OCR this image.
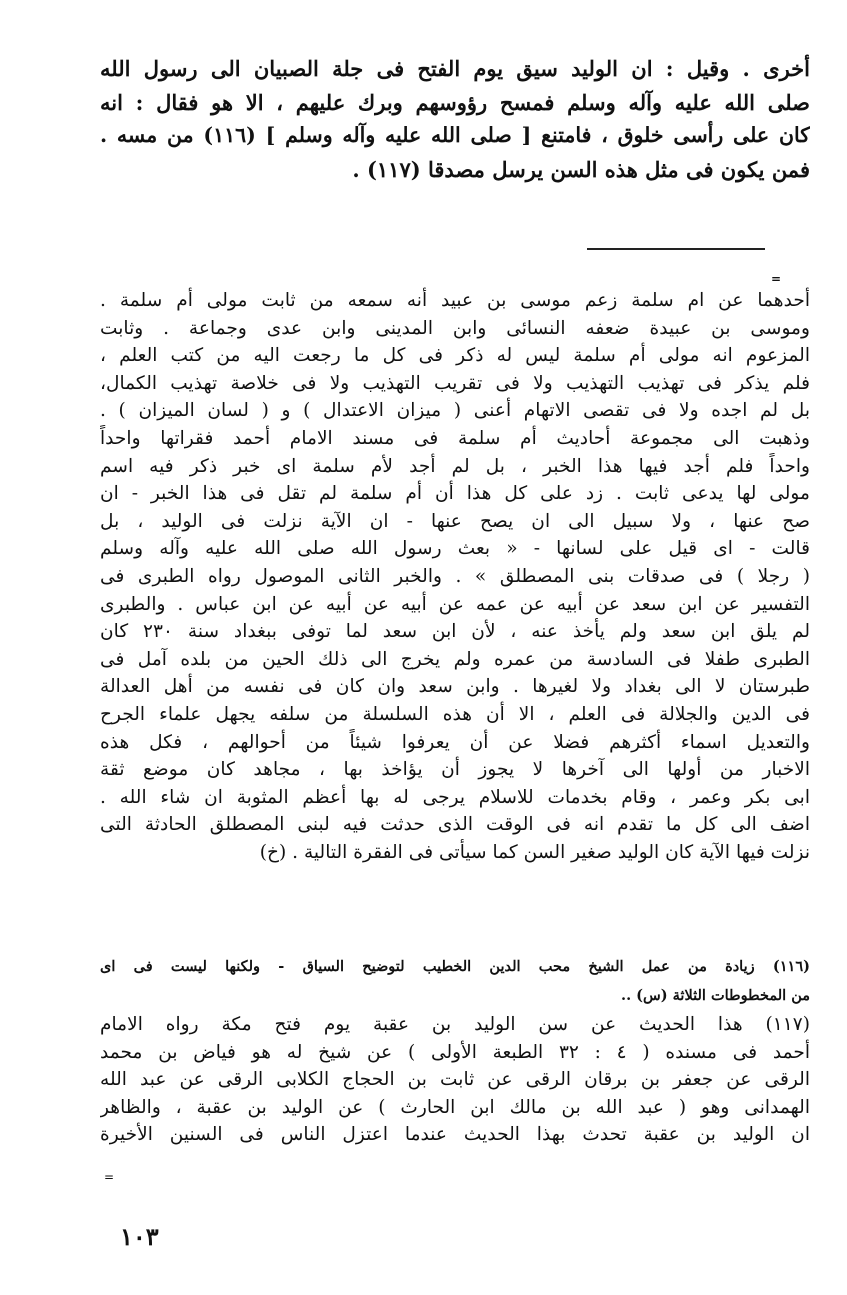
أخرى . وقيل : ان الوليد سيق يوم الفتح فى جلة الصبيان الى رسول الله
صلى الله عليه وآله وسلم فمسح رؤوسهم وبرك عليهم ، الا هو فقال : انه
كان على رأسى خلوق ، فامتنع [ صلى الله عليه وآله وسلم ] (١١٦) من مسه .
فمن يكون فى مثل هذه السن يرسل مصدقا (١١٧) .
=
أحدهما عن ام سلمة زعم موسى بن عبيد أنه سمعه من ثابت مولى أم سلمة .
وموسى بن عبيدة ضعفه النسائى وابن المدينى وابن عدى وجماعة . وثابت
المزعوم انه مولى أم سلمة ليس له ذكر فى كل ما رجعت اليه من كتب العلم ،
فلم يذكر فى تهذيب التهذيب ولا فى تقريب التهذيب ولا فى خلاصة تهذيب الكمال،
بل لم اجده ولا فى تقصى الاتهام أعنى ( ميزان الاعتدال ) و ( لسان الميزان ) .
وذهبت الى مجموعة أحاديث أم سلمة فى مسند الامام أحمد فقراتها واحداً
واحداً فلم أجد فيها هذا الخبر ، بل لم أجد لأم سلمة اى خبر ذكر فيه اسم
مولى لها يدعى ثابت . زد على كل هذا أن أم سلمة لم تقل فى هذا الخبر - ان
صح عنها ، ولا سبيل الى ان يصح عنها - ان الآية نزلت فى الوليد ، بل
قالت - اى قيل على لسانها - « بعث رسول الله صلى الله عليه وآله وسلم
( رجلا ) فى صدقات بنى المصطلق » . والخبر الثانى الموصول رواه الطبرى فى
التفسير عن ابن سعد عن أبيه عن عمه عن أبيه عن أبيه عن ابن عباس . والطبرى
لم يلق ابن سعد ولم يأخذ عنه ، لأن ابن سعد لما توفى ببغداد سنة ٢٣٠ كان
الطبرى طفلا فى السادسة من عمره ولم يخرج الى ذلك الحين من بلده آمل فى
طبرستان لا الى بغداد ولا لغيرها . وابن سعد وان كان فى نفسه من أهل العدالة
فى الدين والجلالة فى العلم ، الا أن هذه السلسلة من سلفه يجهل علماء الجرح
والتعديل اسماء أكثرهم فضلا عن أن يعرفوا شيئاً من أحوالهم ، فكل هذه
الاخبار من أولها الى آخرها لا يجوز أن يؤاخذ بها ، مجاهد كان موضع ثقة
ابى بكر وعمر ، وقام بخدمات للاسلام يرجى له بها أعظم المثوبة ان شاء الله .
اضف الى كل ما تقدم انه فى الوقت الذى حدثت فيه لبنى المصطلق الحادثة التى
نزلت فيها الآية كان الوليد صغير السن كما سيأتى فى الفقرة التالية . (خ)
(١١٦) زيادة من عمل الشيخ محب الدين الخطيب لتوضيح السياق - ولكنها ليست فى اى
من المخطوطات الثلاثة (س) ..
(١١٧) هذا الحديث عن سن الوليد بن عقبة يوم فتح مكة رواه الامام
أحمد فى مسنده ( ٤ : ٣٢ الطبعة الأولى ) عن شيخ له هو فياض بن محمد
الرقى عن جعفر بن برقان الرقى عن ثابت بن الحجاج الكلابى الرقى عن عبد الله
الهمدانى وهو ( عبد الله بن مالك ابن الحارث ) عن الوليد بن عقبة ، والظاهر
ان الوليد بن عقبة تحدث بهذا الحديث عندما اعتزل الناس فى السنين الأخيرة
=
١٠٣
